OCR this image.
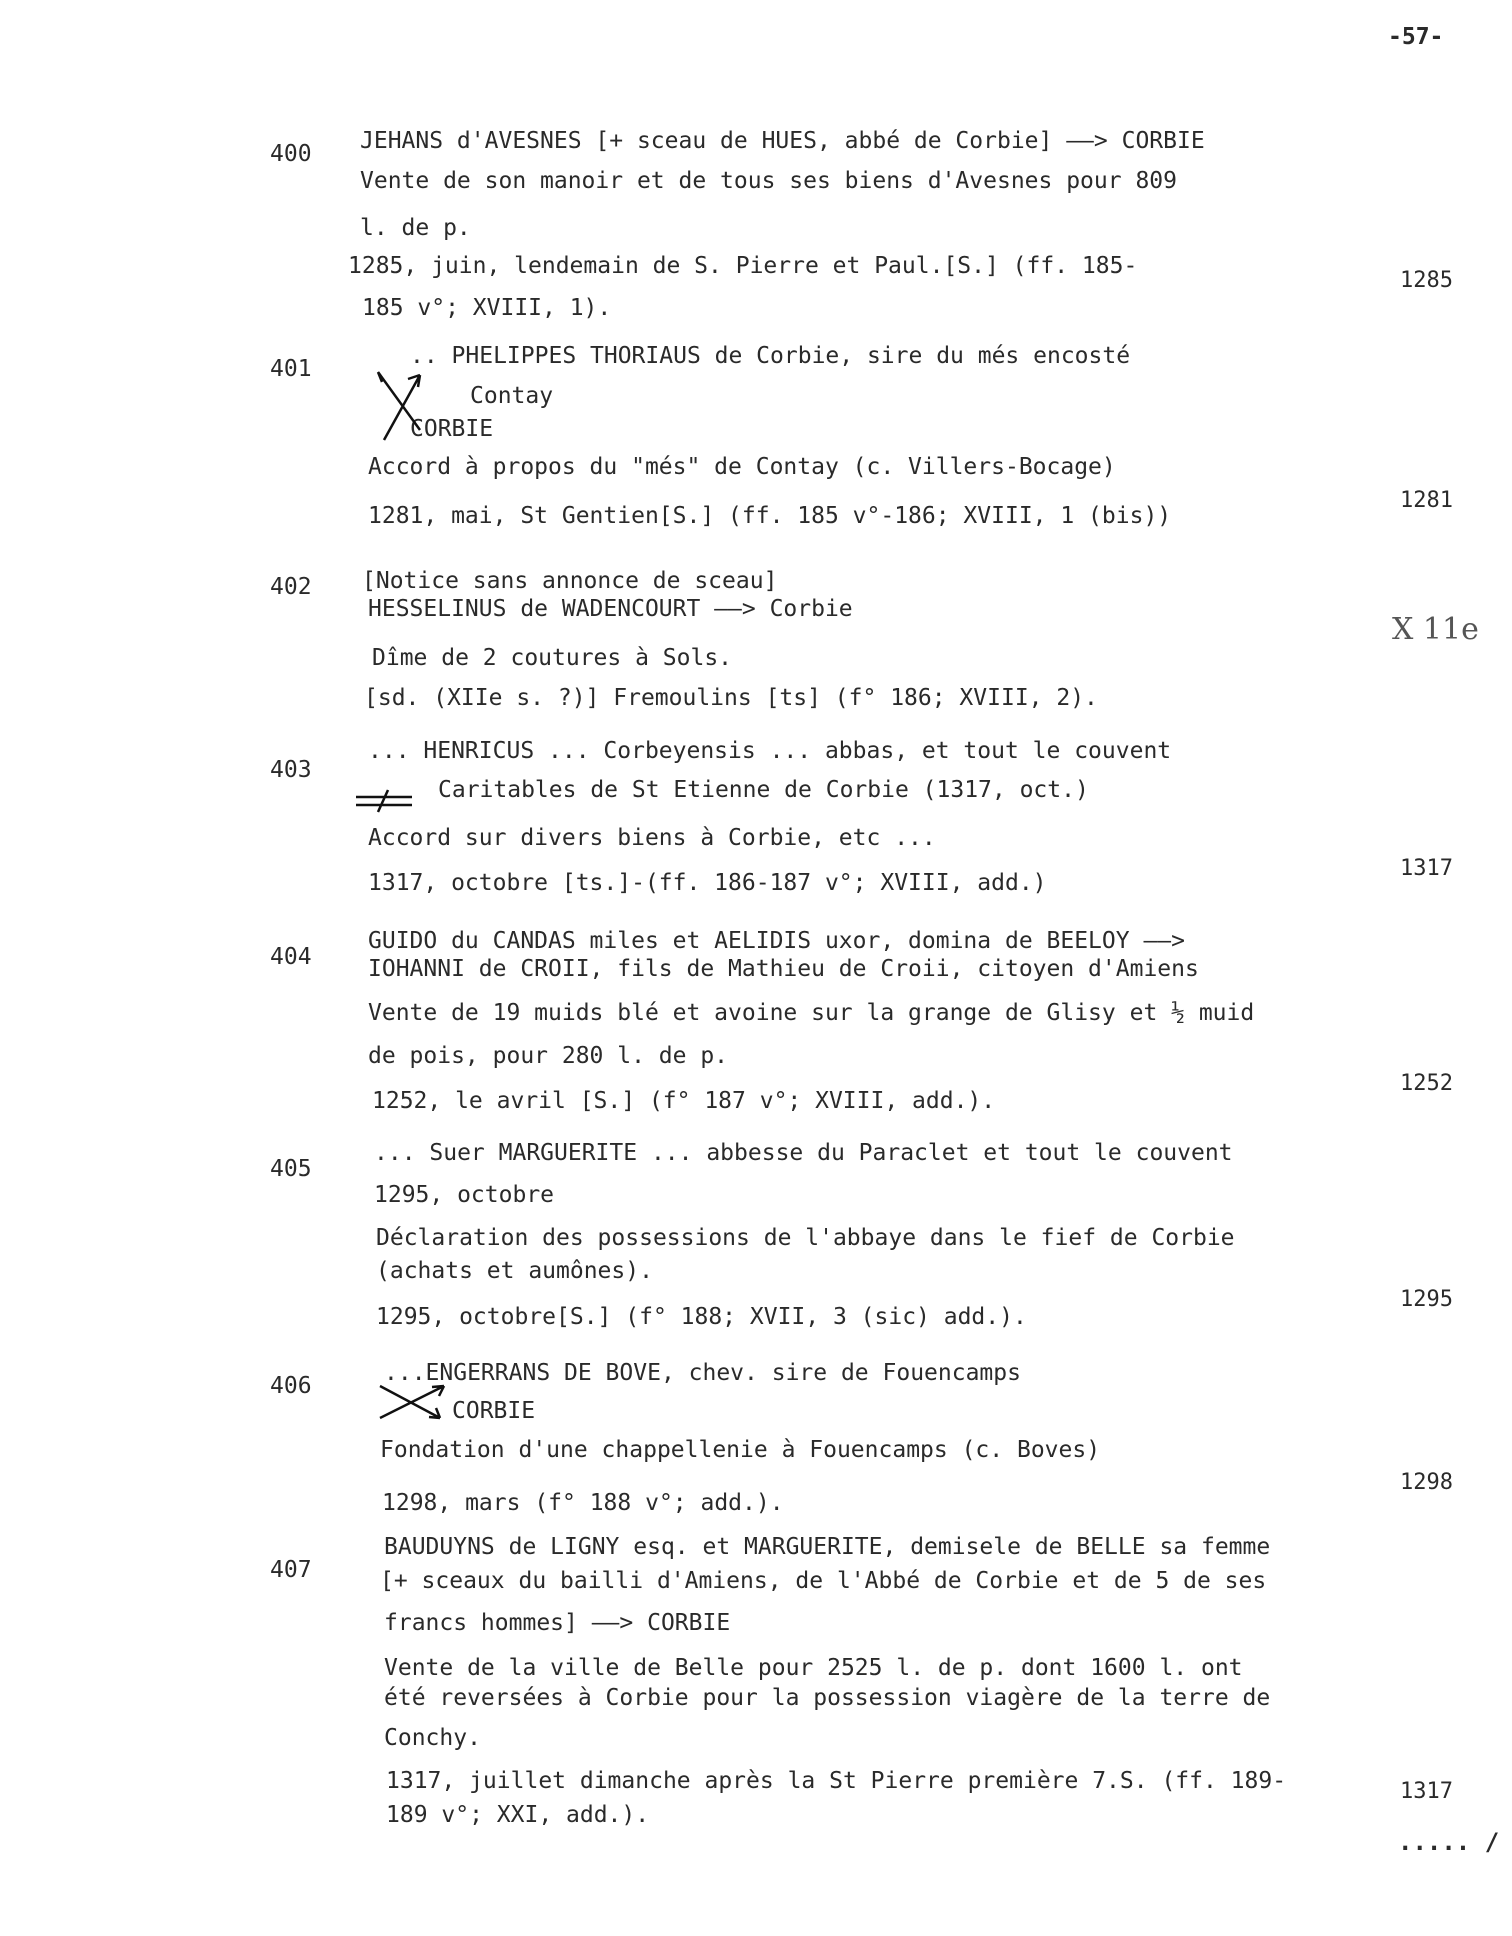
-57-
400 JEHANS d'AVESNES [+ sceau de HUES, abbé de Corbie] ——> CORBIE
Vente de son manoir et de tous ses biens d'Avesnes pour 809
l. de p.
1285, juin, lendemain de S. Pierre et Paul.[S.] (ff. 185-
185 v°; XVIII, 1).
1285
401	.. PHELIPPES THORIAUS de Corbie, sire du més encosté
Contay
CORBIE
Accord à propos du "més" de Contay (c. Villers-Bocage)
1281, mai, St Gentien[S.] (ff. 185 v°-186; XVIII, 1 (bis))
1281
402 [Notice sans annonce de sceau]
HESSELINUS de WADENCOURT ——> Corbie
Dîme de 2 coutures à Sols.
[sd. (XIIe s. ?)] Fremoulins [ts] (f° 186; XVIII, 2).
X 11e
403
... HENRICUS ... Corbeyensis ... abbas, et tout le couvent
Caritables de St Etienne de Corbie (1317, oct.)
Accord sur divers biens à Corbie, etc ...
1317, octobre [ts.]-(ff. 186-187 v°; XVIII, add.)
1317
404
GUIDO du CANDAS miles et AELIDIS uxor, domina de BEELOY ——>
IOHANNI de CROII, fils de Mathieu de Croii, citoyen d'Amiens
Vente de 19 muids blé et avoine sur la grange de Glisy et ½ muid
de pois, pour 280 l. de p.
1252, le avril [S.] (f° 187 v°; XVIII, add.).
1252
405
... Suer MARGUERITE ... abbesse du Paraclet et tout le couvent
1295, octobre
Déclaration des possessions de l'abbaye dans le fief de Corbie
(achats et aumônes).
1295, octobre[S.] (f° 188; XVII, 3 (sic) add.).
1295
406	...ENGERRANS DE BOVE, chev. sire de Fouencamps
CORBIE
Fondation d'une chappellenie à Fouencamps (c. Boves)
1298, mars (f° 188 v°; add.).
1298
407
BAUDUYNS de LIGNY esq. et MARGUERITE, demisele de BELLE sa femme
[+ sceaux du bailli d'Amiens, de l'Abbé de Corbie et de 5 de ses
francs hommes] ——> CORBIE
Vente de la ville de Belle pour 2525 l. de p. dont 1600 l. ont
été reversées à Corbie pour la possession viagère de la terre de
Conchy.
1317, juillet dimanche après la St Pierre première 7.S. (ff. 189-
189 v°; XXI, add.).
1317
..... /
